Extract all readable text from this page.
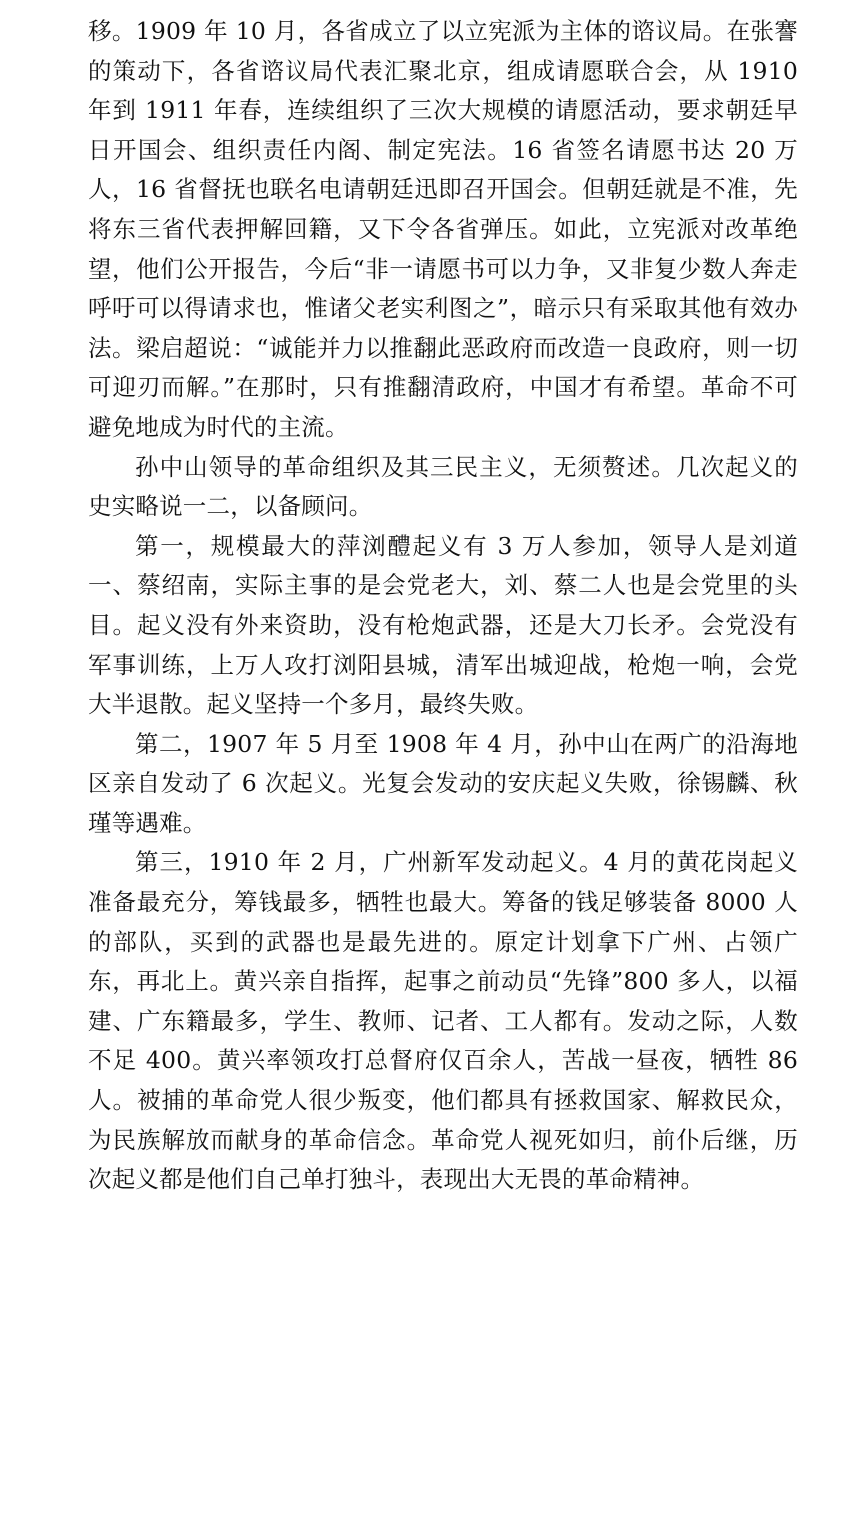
移。1909 年 10 月，各省成立了以立宪派为主体的谘议局。在张謇的策动下，各省谘议局代表汇聚北京，组成请愿联合会，从 1910 年到 1911 年春，连续组织了三次大规模的请愿活动，要求朝廷早日开国会、组织责任内阁、制定宪法。16 省签名请愿书达 20 万人，16 省督抚也联名电请朝廷迅即召开国会。但朝廷就是不准，先将东三省代表押解回籍，又下令各省弹压。如此，立宪派对改革绝望，他们公开报告，今后“非一请愿书可以力争，又非复少数人奔走呼吁可以得请求也，惟诸父老实利图之”，暗示只有采取其他有效办法。梁启超说：“诚能并力以推翻此恶政府而改造一良政府，则一切可迎刃而解。”在那时，只有推翻清政府，中国才有希望。革命不可避免地成为时代的主流。

孙中山领导的革命组织及其三民主义，无须赘述。几次起义的史实略说一二，以备顾问。

第一，规模最大的萍浏醴起义有 3 万人参加，领导人是刘道一、蔡绍南，实际主事的是会党老大，刘、蔡二人也是会党里的头目。起义没有外来资助，没有枪炮武器，还是大刀长矛。会党没有军事训练，上万人攻打浏阳县城，清军出城迎战，枪炮一响，会党大半退散。起义坚持一个多月，最终失败。

第二，1907 年 5 月至 1908 年 4 月，孙中山在两广的沿海地区亲自发动了 6 次起义。光复会发动的安庆起义失败，徐锡麟、秋瑾等遇难。

第三，1910 年 2 月，广州新军发动起义。4 月的黄花岗起义准备最充分，筹钱最多，牺牲也最大。筹备的钱足够装备 8000 人的部队，买到的武器也是最先进的。原定计划拿下广州、占领广东，再北上。黄兴亲自指挥，起事之前动员“先锋”800 多人，以福建、广东籍最多，学生、教师、记者、工人都有。发动之际，人数不足 400。黄兴率领攻打总督府仅百余人，苦战一昼夜，牺牲 86 人。被捕的革命党人很少叛变，他们都具有拯救国家、解救民众，为民族解放而献身的革命信念。革命党人视死如归，前仆后继，历次起义都是他们自己单打独斗，表现出大无畏的革命精神。
